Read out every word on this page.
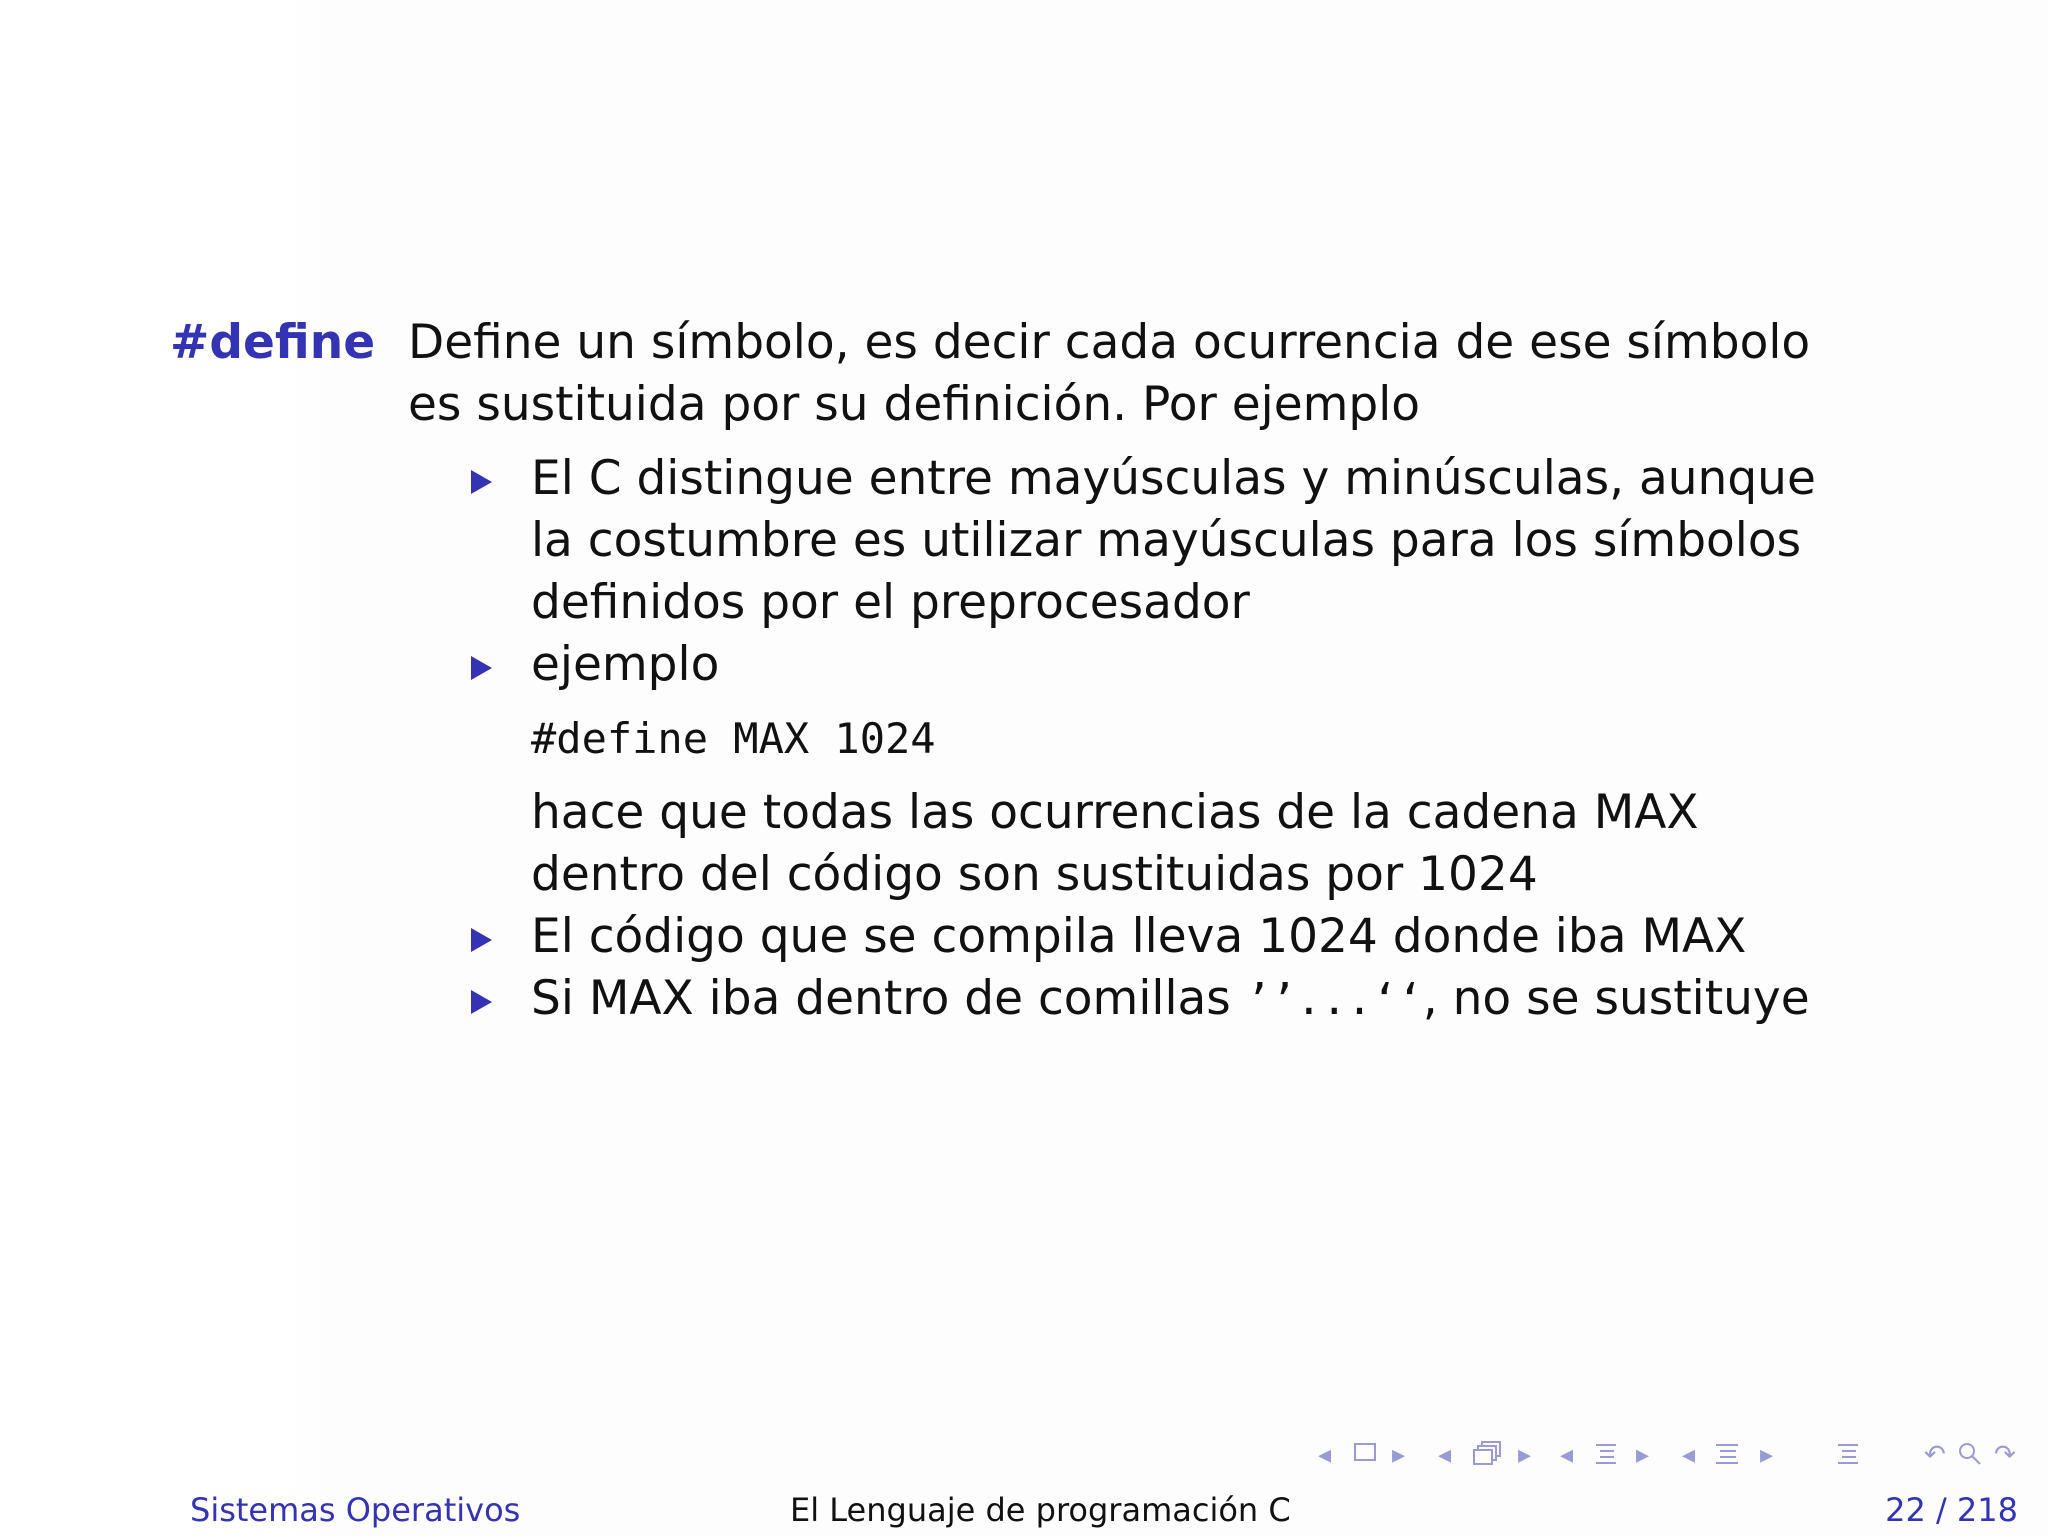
#define Define un símbolo, es decir cada ocurrencia de ese símbolo es sustituida por su definición. Por ejemplo
El C distingue entre mayúsculas y minúsculas, aunque la costumbre es utilizar mayúsculas para los símbolos definidos por el preprocesador
ejemplo
#define MAX 1024
hace que todas las ocurrencias de la cadena MAX dentro del código son sustituidas por 1024
El código que se compila lleva 1024 donde iba MAX
Si MAX iba dentro de comillas ’’...‘‘, no se sustituye
◂ ▸ ◂	▸ ◂ ▸ ◂ ▸	↶ ↷
Sistemas Operativos	El Lenguaje de programación C	22 / 218
